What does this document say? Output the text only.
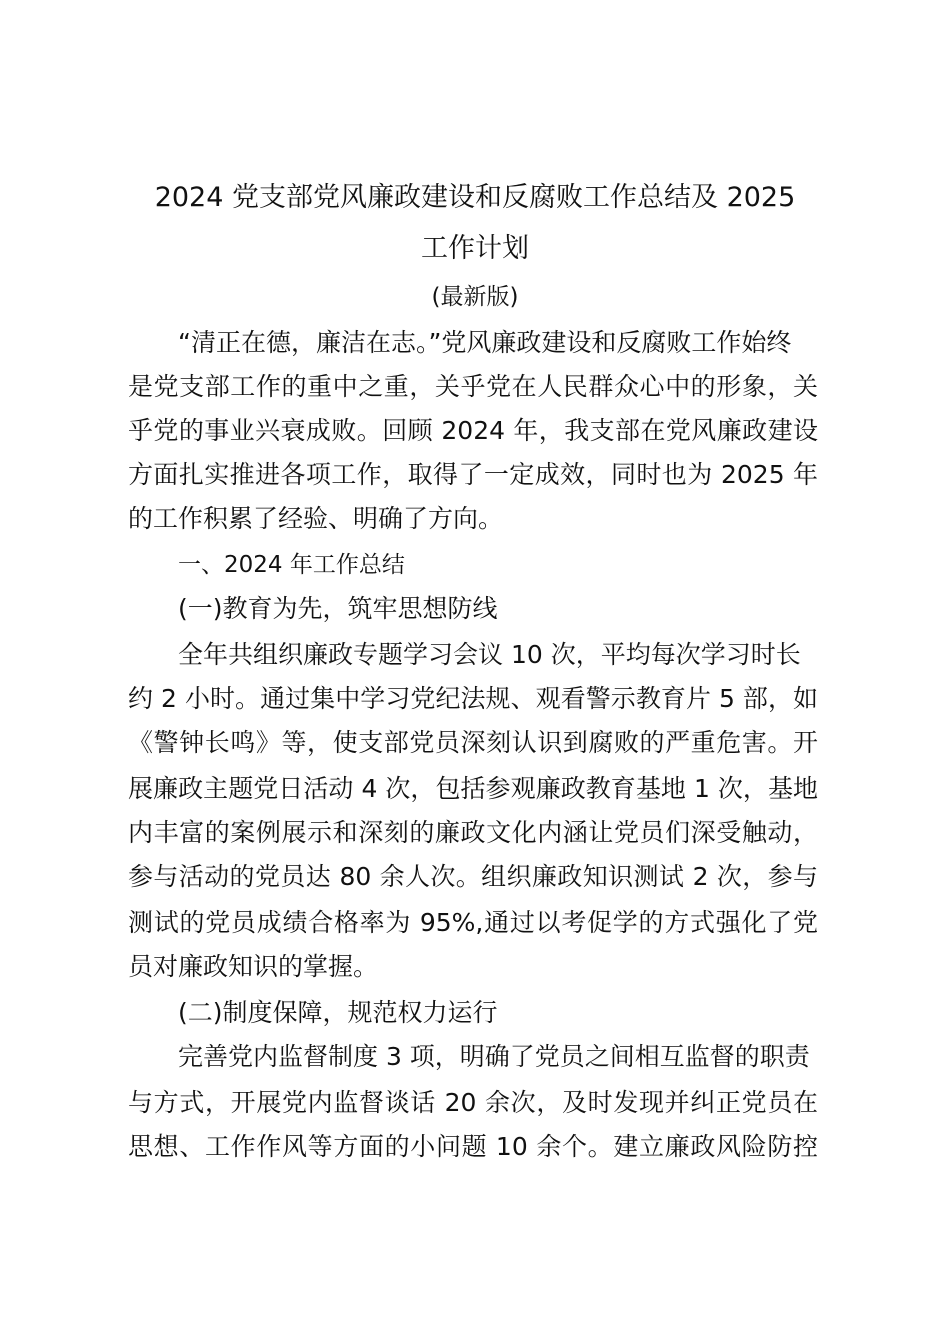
2024 党支部党风廉政建设和反腐败工作总结及 2025
工作计划
(最新版)
“清正在德，廉洁在志。”党风廉政建设和反腐败工作始终
是党支部工作的重中之重，关乎党在人民群众心中的形象，关
乎党的事业兴衰成败。回顾 2024 年，我支部在党风廉政建设
方面扎实推进各项工作，取得了一定成效，同时也为 2025 年
的工作积累了经验、明确了方向。
一、2024 年工作总结
(一)教育为先，筑牢思想防线
全年共组织廉政专题学习会议 10 次，平均每次学习时长
约 2 小时。通过集中学习党纪法规、观看警示教育片 5 部，如
《警钟长鸣》等，使支部党员深刻认识到腐败的严重危害。开
展廉政主题党日活动 4 次，包括参观廉政教育基地 1 次，基地
内丰富的案例展示和深刻的廉政文化内涵让党员们深受触动，
参与活动的党员达 80 余人次。组织廉政知识测试 2 次，参与
测试的党员成绩合格率为 95%,通过以考促学的方式强化了党
员对廉政知识的掌握。
(二)制度保障，规范权力运行
完善党内监督制度 3 项，明确了党员之间相互监督的职责
与方式，开展党内监督谈话 20 余次，及时发现并纠正党员在
思想、工作作风等方面的小问题 10 余个。建立廉政风险防控
